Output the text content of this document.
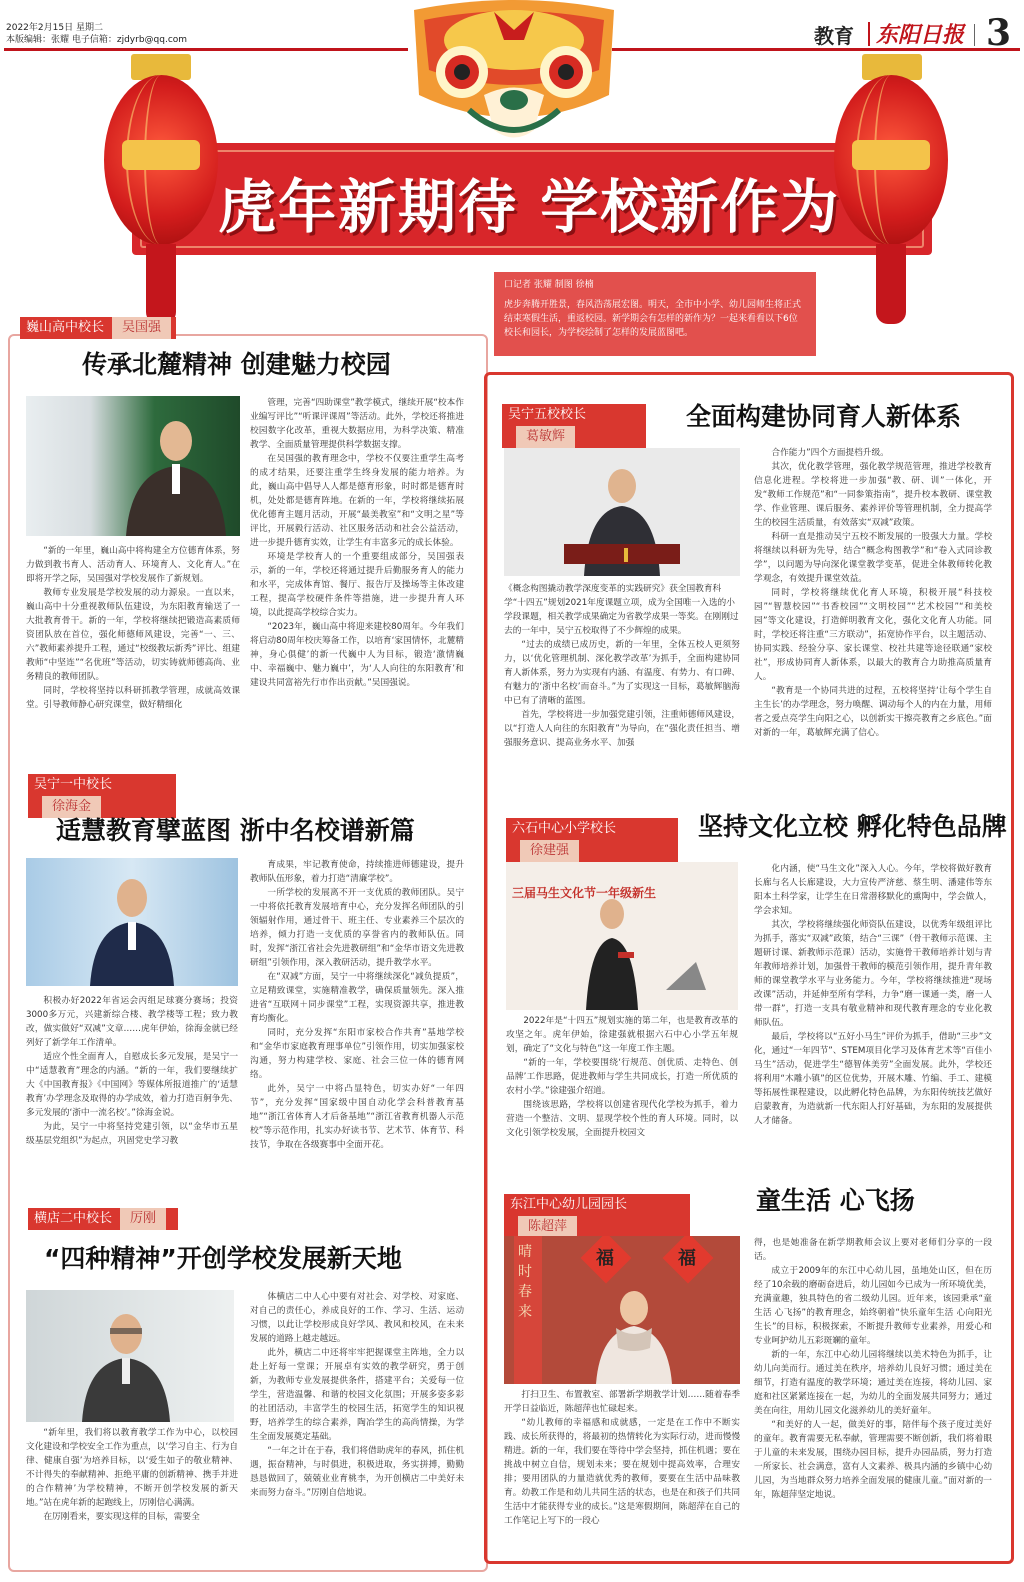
2022年2月15日 星期二
本版编辑：张耀 电子信箱：zjdyrb@qq.com	教育 东阳日报 3
虎年新期待 学校新作为
口记者 张耀 制图 徐楠
虎步奔腾开胜景，春风浩荡展宏图。明天，全市中小学、幼儿园师生将正式结束寒假生活，重返校园。新学期会有怎样的新作为？一起来看看以下6位校长和园长，为学校绘制了怎样的发展蓝图吧。
巍山高中校长 吴国强
传承北麓精神 创建魅力校园

“新的一年里，巍山高中将构建全方位德育体系，努力做到教书育人、活动育人、环境育人、文化育人。”在即将开学之际，吴国强对学校发展作了新规划。

教师专业发展是学校发展的动力源泉。一直以来，巍山高中十分重视教师队伍建设，为东阳教育输送了一大批教育骨干。新的一年，学校将继续把锻造高素质师资团队放在首位，强化师德师风建设，完善“一、三、六”教师素养提升工程，通过“校级教坛新秀”评比、组建教师“中坚连”“名优班”等活动，切实铸就师德高尚、业务精良的教师团队。

同时，学校将坚持以科研抓教学管理，成就高效课堂。引导教师静心研究课堂，做好精细化

管理，完善“四助课堂”教学模式，继续开展“校本作业编写评比”“听课评课周”等活动。此外，学校还将推进校园数字化改革，重视大数据应用，为科学决策、精准教学、全面质量管理提供科学数据支撑。

在吴国强的教育理念中，学校不仅要注重学生高考的成才结果，还要注重学生终身发展的能力培养。为此，巍山高中倡导人人都是德育形象，时时都是德育时机，处处都是德育阵地。在新的一年，学校将继续拓展优化德育主题月活动，开展“最美教室”和“文明之星”等评比，开展毅行活动、社区服务活动和社会公益活动，进一步提升德育实效，让学生有丰富多元的成长体验。

环境是学校育人的一个重要组成部分，吴国强表示，新的一年，学校还将通过提升后勤服务育人的能力和水平，完成体育馆、餐厅、报告厅及操场等主体改建工程，提高学校硬件条件等措施，进一步提升育人环境，以此提高学校综合实力。

“2023年，巍山高中将迎来建校80周年。今年我们将启动80周年校庆筹备工作，以培育‘家国情怀，北麓精神，身心俱健’的新一代巍中人为目标，锻造‘激情巍中、幸福巍中、魅力巍中’，为‘人人向往的东阳教育’和建设共同富裕先行市作出贡献。”吴国强说。

吴宁五校校长葛敏辉
全面构建协同育人新体系
《概念构图撬动教学深度变革的实践研究》获全国教育科学“十四五”规划2021年度课题立项，成为全国唯一入选的小学段课题，相关教学成果确定为省教学成果一等奖。在刚刚过去的一年中，吴宁五校取得了不少辉煌的成果。

“过去的成绩已成历史，新的一年里，全体五校人更须努力，以‘优化管理机制、深化教学改革’为抓手，全面构建协同育人新体系，努力为实现有内涵、有温度、有势力、有口碑、有魅力的‘浙中名校’而奋斗。”为了实现这一目标，葛敏辉脑海中已有了清晰的蓝图。

首先，学校将进一步加强党建引领，注重师德师风建设，以“打造人人向往的东阳教育”为导向，在“强化责任担当、增强服务意识、提高业务水平、加强

合作能力”四个方面提档升级。

其次，优化教学管理，强化教学规范管理，推进学校教育信息化进程。学校将进一步加强“教、研、训”一体化，开发“教师工作规范”和“一同参策指南”，提升校本教研、课堂教学、作业管理、课后服务、素养评价等管理机制，全力提高学生的校园生活质量，有效落实“双减”政策。

科研一直是推动吴宁五校不断发展的一股强大力量。学校将继续以科研为先导，结合“概念构图教学”和“卷入式同诊教学”，以问题为导向深化课堂教学变革，促进全体教师转化教学观念，有效提升课堂效益。

同时，学校将继续优化育人环境，积极开展“科技校园”“智慧校园”“书香校园”“文明校园”“艺术校园”“和美校园”等文化建设，打造鲜明教育文化，强化文化育人功能。同时，学校还将注重“三方联动”，拓宽协作平台，以主题活动、协同实践、经验分享、家长课堂、校社共建等途径联通“家校社”，形成协同育人新体系，以最大的教育合力助推高质量育人。

“教育是一个协同共进的过程，五校将坚持‘让每个学生自主生长’的办学理念，努力唤醒、调动每个人的内在力量，用师者之爱点亮学生向阳之心，以创新实干擦亮教育之乡底色。”面对新的一年，葛敏辉充满了信心。

吴宁一中校长徐海金
适慧教育擘蓝图 浙中名校谱新篇

积极办好2022年省运会丙组足球赛分赛场；投资3000多万元，兴建新综合楼、教学楼等工程；致力教改，做实做好“双减”文章……虎年伊始，徐海金就已经列好了新学年工作清单。

适应个性全面育人，自慰成长多元发展，是吴宁一中“适慧教育”理念的内涵。“新的一年，我们要继续扩大《中国教育报》《中国网》等媒体所报道推广的‘适慧教育’办学理念及取得的办学成效，着力打造百舸争先、多元发展的‘浙中一流名校’。”徐海金说。

为此，吴宁一中将坚持党建引领，以“金华市五星级基层党组织”为起点，巩固党史学习教

育成果，牢记教育使命，持续推进师德建设，提升教师队伍形象，着力打造“清廉学校”。

一所学校的发展离不开一支优质的教师团队。吴宁一中将依托教育发展培育中心，充分发挥名师团队的引领辐射作用，通过骨干、班主任、专业素养三个层次的培养，倾力打造一支优质的享誉省内的教师队伍。同时，发挥“浙江省社会先进教研组”和“金华市语文先进教研组”引领作用，深入教研活动，提升教学水平。

在“双减”方面，吴宁一中将继续深化“减负提质”，立足精致课堂，实施精准教学，确保质量领先。深入推进省“互联网＋同步课堂”工程，实现资源共享，推进教育均衡化。

同时，充分发挥“东阳市家校合作共育”基地学校和“金华市家庭教育理事单位”引领作用，切实加强家校沟通，努力构建学校、家庭、社会三位一体的德育网络。

此外，吴宁一中将凸显特色，切实办好“一年四节”，充分发挥“国家级中国自动化学会科普教育基地”“浙江省体育人才后备基地”“浙江省教育机器人示范校”等示范作用，扎实办好读书节、艺术节、体育节、科技节，争取在各级赛事中全面开花。

六石中心小学校长徐建强
坚持文化立校 孵化特色品牌
三届马生文化节一年级新生

2022年是“十四五”规划实施的第二年，也是教育改革的攻坚之年。虎年伊始，徐建强就根据六石中心小学五年规划，确定了“文化与特色”这一年度工作主题。

“新的一年，学校要围绕‘行规范、创优质、走特色、创品牌’工作思路，促进教师与学生共同成长，打造一所优质的农村小学。”徐建强介绍道。

围绕该思路，学校将以创建省现代化学校为抓手，着力营造一个整洁、文明、显现学校个性的育人环境。同时，以文化引领学校发展，全面提升校园文

化内涵，使“马生文化”深入人心。今年，学校将做好教育长廊与名人长廊建设，大力宣传严济慈、蔡生明、潘建伟等东阳本土科学家，让学生在日常潜移默化的熏陶中，学会做人，学会求知。

其次，学校将继续强化师资队伍建设，以优秀年级组评比为抓手，落实“双减”政策，结合“三课”（骨干教师示范课、主题研讨课、新教师示范课）活动，实施骨干教师培养计划与青年教师培养计划，加强骨干教师的模范引领作用，提升青年教师的课堂教学水平与业务能力。今年，学校将继续推进“现场改课”活动，并延伸至所有学科，力争“磨一课通一类，磨一人带一群”，打造一支具有敬业精神和现代教育理念的专业化教师队伍。

最后，学校将以“五好小马生”评价为抓手，借助“三步”文化，通过“一年四节”、STEM项目化学习及体育艺术等“百佳小马生”活动，促进学生“德智体美劳”全面发展。此外，学校还将利用“木雕小镇”的区位优势，开展木雕、竹编、手工、建模等拓展性课程建设，以此孵化特色品牌，为东阳传统技艺做好启蒙教育，为造就新一代东阳人打好基础，为东阳的发展提供人才储备。

横店二中校长 厉刚
“四种精神”开创学校发展新天地

“新年里，我们将以教育教学工作为中心，以校园文化建设和学校安全工作为重点，以‘学习自主、行为自律、健康自强’为培养目标，以‘爱生如子的敬业精神、不计得失的奉献精神、拒绝平庸的创新精神、携手并进的合作精神’为学校精神，不断开创学校发展的新天地。”站在虎年新的起跑线上，厉刚信心满满。

在厉刚看来，要实现这样的目标，需要全

体横店二中人心中要有对社会、对学校、对家庭、对自己的责任心，养成良好的工作、学习、生活、运动习惯，以此让学校形成良好学风、教风和校风，在未来发展的道路上越走越远。

此外，横店二中还将牢牢把握课堂主阵地，全力以赴上好每一堂课；开展卓有实效的教学研究，勇于创新，为教师专业发展提供条件，搭建平台；关爱每一位学生，营造温馨、和谐的校园文化氛围；开展多姿多彩的社团活动，丰富学生的校园生活，拓宽学生的知识视野，培养学生的综合素养，陶冶学生的高尚情操，为学生全面发展奠定基础。

“一年之计在于春，我们将借助虎年的春风，抓住机遇，振奋精神，与时俱进，积极进取，务实拼搏，勤勤恳恳做回了，兢兢业业育桃李，为开创横店二中美好未来而努力奋斗。”厉刚自信地说。

东江中心幼儿园园长陈超萍
童生活 心飞扬
晴
时
春
来
福	福

打扫卫生、布置教室、部署新学期教学计划……随着春季开学日益临近，陈超萍也忙碌起来。

“幼儿教师的幸福感和成就感，一定是在工作中不断实践、成长所获得的，将最初的热情转化为实际行动，进而慢慢精进。新的一年，我们要在等待中学会坚持，抓住机遇；要在挑战中树立自信，规划未来；要在规划中提高效率，合理安排；要用团队的力量造就优秀的教师，要要在生活中品味教育。幼教工作是和幼儿共同生活的状态，也是在和孩子们共同生活中才能获得专业的成长。”这是寒假期间，陈超萍在自己的工作笔记上写下的一段心

得，也是她准备在新学期教师会议上要对老师们分享的一段话。

成立于2009年的东江中心幼儿园，虽地处山区，但在历经了10余载的磨砺奋进后，幼儿园如今已成为一所环境优美，充满童趣，独具特色的省二级幼儿园。近年来，该园秉承“童生活 心飞扬”的教育理念，始终朝着“快乐童年生活 心向阳光生长”的目标，积极探索，不断提升教师专业素养，用爱心和专业呵护幼儿五彩斑斓的童年。

新的一年，东江中心幼儿园将继续以美术特色为抓手，让幼儿向美而行。通过美在秩序，培养幼儿良好习惯；通过美在细节，打造有温度的教学环境；通过美在连接，将幼儿园、家庭和社区紧紧连接在一起，为幼儿的全面发展共同努力；通过美在向往，用幼儿园文化滋养幼儿的美好童年。

“和美好的人一起，做美好的事，陪伴每个孩子度过美好的童年。教育需要无私奉献，管理需要不断创新，我们将着眼于儿童的未来发展，围绕办园目标，提升办园品质，努力打造一所家长、社会满意，富有人文素养、极具内涵的乡镇中心幼儿园，为当地群众努力培养全面发展的健康儿童。”面对新的一年，陈超萍坚定地说。
